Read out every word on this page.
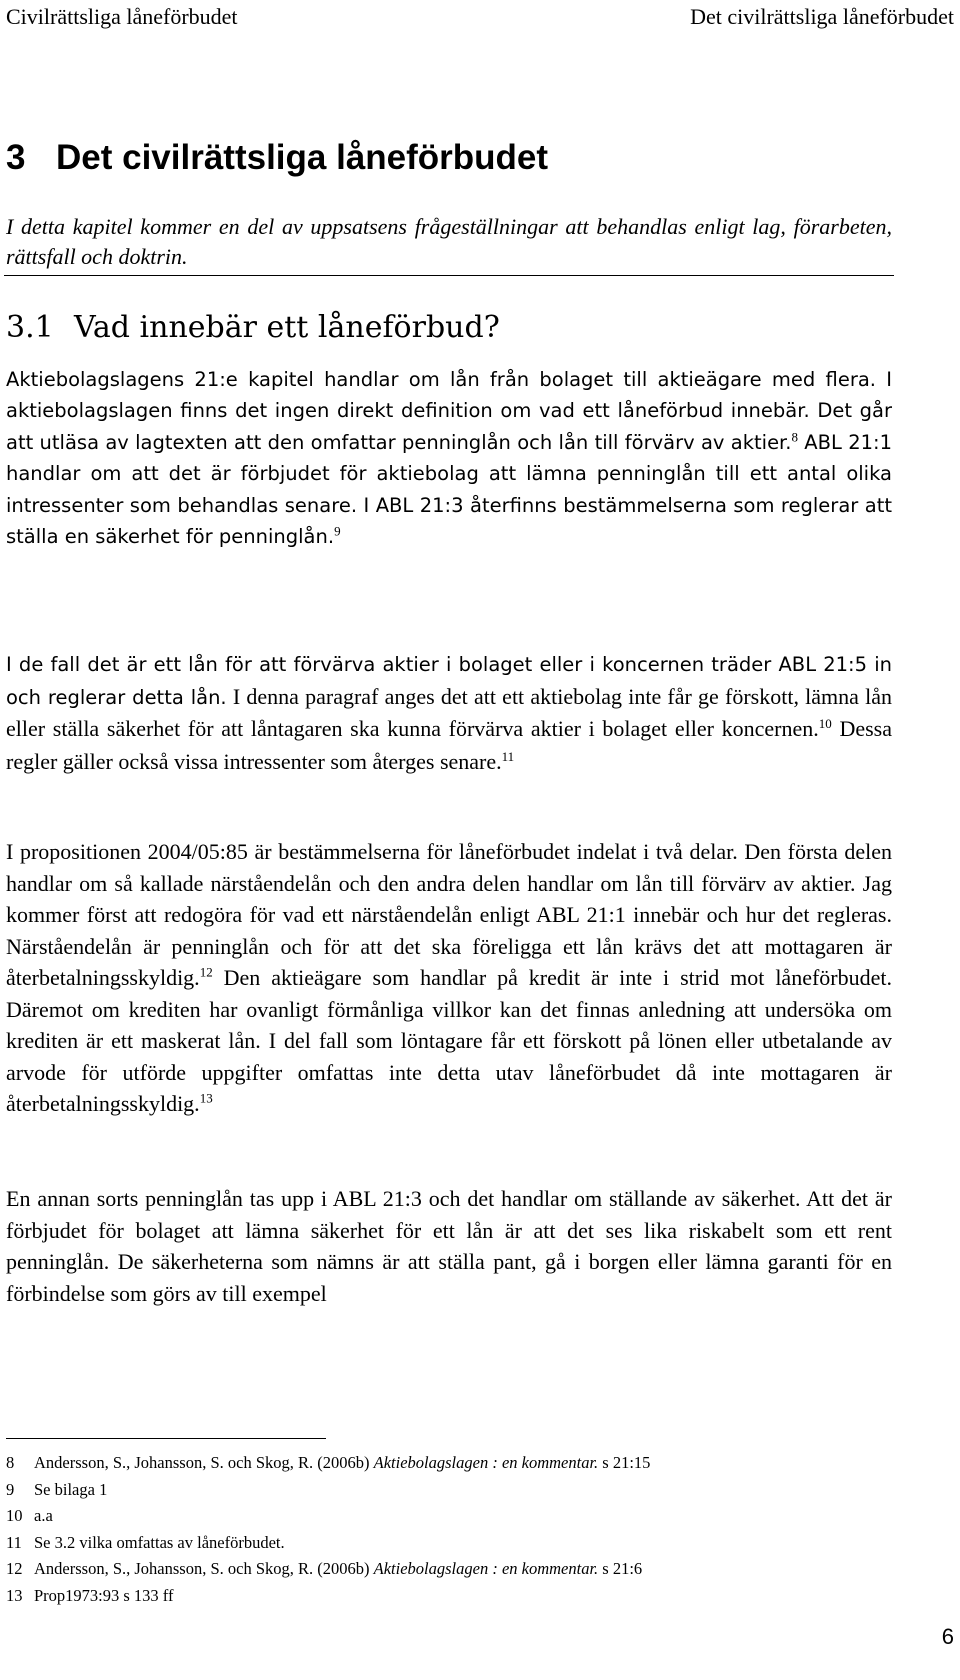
Civilrättsliga låneförbudet	Det civilrättsliga låneförbudet
3 Det civilrättsliga låneförbudet

I detta kapitel kommer en del av uppsatsens frågeställningar att behandlas enligt lag, förarbeten, rättsfall och doktrin.

3.1 Vad innebär ett låneförbud?

Aktiebolagslagens 21:e kapitel handlar om lån från bolaget till aktieägare med flera. I aktiebolagslagen finns det ingen direkt definition om vad ett låneförbud innebär. Det går att utläsa av lagtexten att den omfattar penninglån och lån till förvärv av aktier.$^8$ ABL 21:1 handlar om att det är förbjudet för aktiebolag att lämna penninglån till ett antal olika intressenter som behandlas senare. I ABL 21:3 återfinns bestämmelserna som reglerar att ställa en säkerhet för penninglån.$^9$

I de fall det är ett lån för att förvärva aktier i bolaget eller i koncernen träder ABL 21:5 in och reglerar detta lån. I denna paragraf anges det att ett aktiebolag inte får ge förskott, lämna lån eller ställa säkerhet för att låntagaren ska kunna förvärva aktier i bolaget eller koncernen.$^{10}$ Dessa regler gäller också vissa intressenter som återges senare.$^{11}$

I propositionen 2004/05:85 är bestämmelserna för låneförbudet indelat i två delar. Den första delen handlar om så kallade närståendelån och den andra delen handlar om lån till förvärv av aktier. Jag kommer först att redogöra för vad ett närståendelån enligt ABL 21:1 innebär och hur det regleras. Närståendelån är penninglån och för att det ska föreligga ett lån krävs det att mottagaren är återbetalningsskyldig.$^{12}$ Den aktieägare som handlar på kredit är inte i strid mot låneförbudet. Däremot om krediten har ovanligt förmånliga villkor kan det finnas anledning att undersöka om krediten är ett maskerat lån. I del fall som löntagare får ett förskott på lönen eller utbetalande av arvode för utförde uppgifter omfattas inte detta utav låneförbudet då inte mottagaren är återbetalningsskyldig.$^{13}$

En annan sorts penninglån tas upp i ABL 21:3 och det handlar om ställande av säkerhet. Att det är förbjudet för bolaget att lämna säkerhet för ett lån är att det ses lika riskabelt som ett rent penninglån. De säkerheterna som nämns är att ställa pant, gå i borgen eller lämna garanti för en förbindelse som görs av till exempel

8 Andersson, S., Johansson, S. och Skog, R. (2006b) Aktiebolagslagen : en kommentar. s 21:15
9 Se bilaga 1
10 a.a
11 Se 3.2 vilka omfattas av låneförbudet.
12 Andersson, S., Johansson, S. och Skog, R. (2006b) Aktiebolagslagen : en kommentar. s 21:6
13 Prop1973:93 s 133 ff
6
